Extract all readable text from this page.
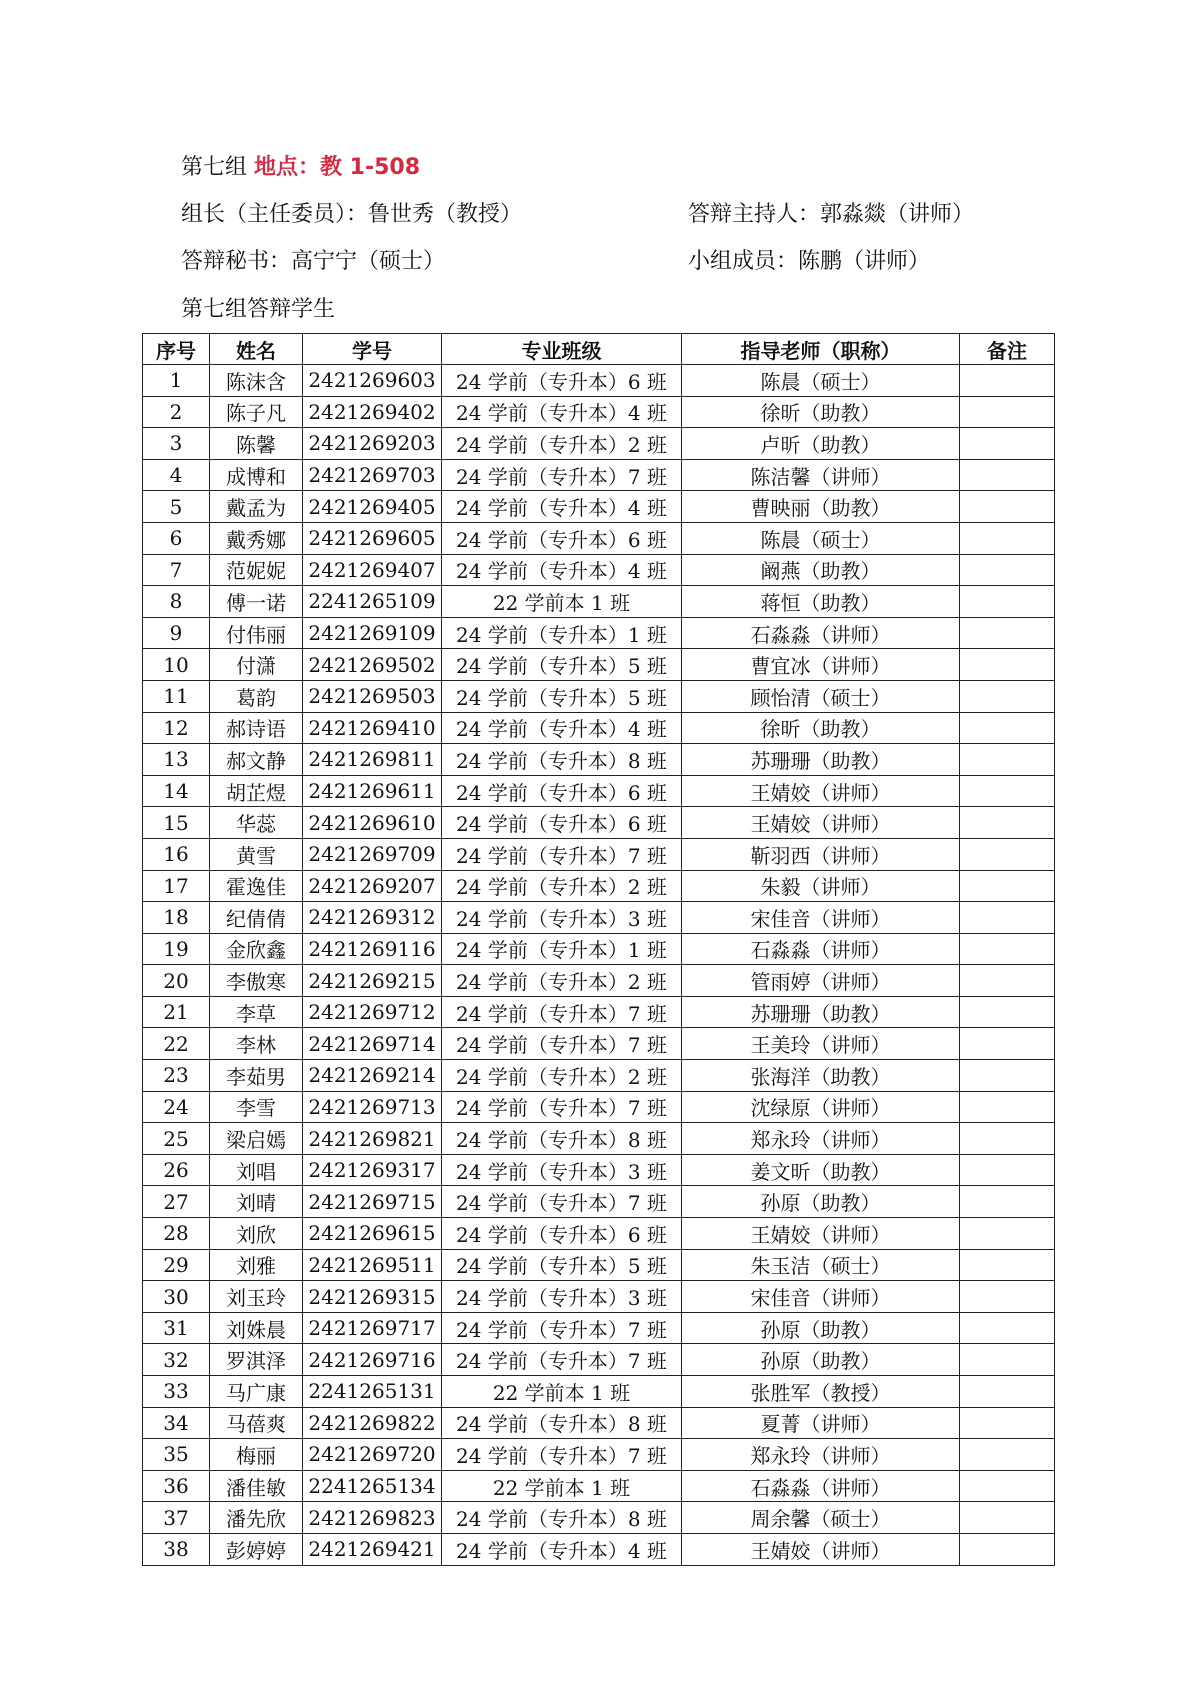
第七组 地点：教 1-508
组长（主任委员）：鲁世秀（教授）	答辩主持人：郭淼燚（讲师）
答辩秘书：高宁宁（硕士）	小组成员：陈鹏（讲师）
第七组答辩学生
序号	姓名	学号	专业班级	指导老师（职称）	备注
1	陈沫含	2421269603	24 学前（专升本）6 班	陈晨（硕士）	
2	陈子凡	2421269402	24 学前（专升本）4 班	徐昕（助教）	
3	陈馨	2421269203	24 学前（专升本）2 班	卢昕（助教）	
4	成博和	2421269703	24 学前（专升本）7 班	陈洁馨（讲师）	
5	戴孟为	2421269405	24 学前（专升本）4 班	曹映丽（助教）	
6	戴秀娜	2421269605	24 学前（专升本）6 班	陈晨（硕士）	
7	范妮妮	2421269407	24 学前（专升本）4 班	阚燕（助教）	
8	傅一诺	2241265109	22 学前本 1 班	蒋恒（助教）	
9	付伟丽	2421269109	24 学前（专升本）1 班	石淼淼（讲师）	
10	付潇	2421269502	24 学前（专升本）5 班	曹宜冰（讲师）	
11	葛韵	2421269503	24 学前（专升本）5 班	顾怡清（硕士）	
12	郝诗语	2421269410	24 学前（专升本）4 班	徐昕（助教）	
13	郝文静	2421269811	24 学前（专升本）8 班	苏珊珊（助教）	
14	胡芷煜	2421269611	24 学前（专升本）6 班	王婧姣（讲师）	
15	华蕊	2421269610	24 学前（专升本）6 班	王婧姣（讲师）	
16	黄雪	2421269709	24 学前（专升本）7 班	靳羽西（讲师）	
17	霍逸佳	2421269207	24 学前（专升本）2 班	朱毅（讲师）	
18	纪倩倩	2421269312	24 学前（专升本）3 班	宋佳音（讲师）	
19	金欣鑫	2421269116	24 学前（专升本）1 班	石淼淼（讲师）	
20	李傲寒	2421269215	24 学前（专升本）2 班	管雨婷（讲师）	
21	李草	2421269712	24 学前（专升本）7 班	苏珊珊（助教）	
22	李林	2421269714	24 学前（专升本）7 班	王美玲（讲师）	
23	李茹男	2421269214	24 学前（专升本）2 班	张海洋（助教）	
24	李雪	2421269713	24 学前（专升本）7 班	沈绿原（讲师）	
25	梁启嫣	2421269821	24 学前（专升本）8 班	郑永玲（讲师）	
26	刘唱	2421269317	24 学前（专升本）3 班	姜文昕（助教）	
27	刘晴	2421269715	24 学前（专升本）7 班	孙原（助教）	
28	刘欣	2421269615	24 学前（专升本）6 班	王婧姣（讲师）	
29	刘雅	2421269511	24 学前（专升本）5 班	朱玉洁（硕士）	
30	刘玉玲	2421269315	24 学前（专升本）3 班	宋佳音（讲师）	
31	刘姝晨	2421269717	24 学前（专升本）7 班	孙原（助教）	
32	罗淇泽	2421269716	24 学前（专升本）7 班	孙原（助教）	
33	马广康	2241265131	22 学前本 1 班	张胜军（教授）	
34	马蓓爽	2421269822	24 学前（专升本）8 班	夏菁（讲师）	
35	梅丽	2421269720	24 学前（专升本）7 班	郑永玲（讲师）	
36	潘佳敏	2241265134	22 学前本 1 班	石淼淼（讲师）	
37	潘先欣	2421269823	24 学前（专升本）8 班	周余馨（硕士）	
38	彭婷婷	2421269421	24 学前（专升本）4 班	王婧姣（讲师）	
